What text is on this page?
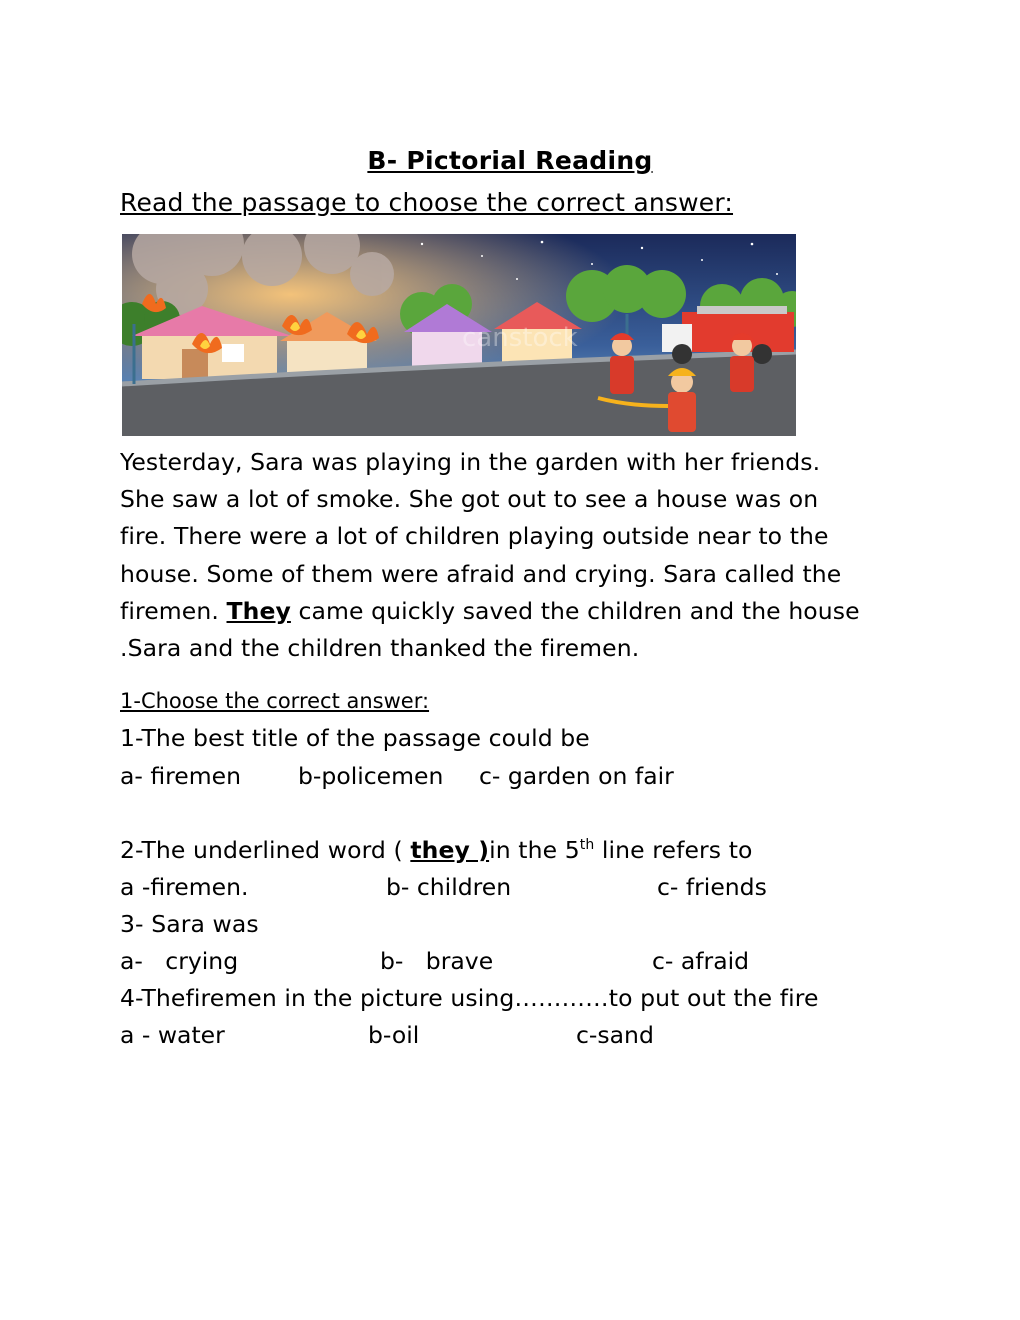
B- Pictorial Reading
Read the passage to choose the correct answer:
canstock
Yesterday, Sara was playing in the garden with her friends.
She saw a lot of smoke. She got out to see a house was on
fire. There were a lot of children playing outside near to the
house. Some of them were afraid and crying. Sara called the
firemen. They came quickly saved the children and the house
.Sara and the children thanked the firemen.
1-Choose the correct answer:
1-The best title of the passage could be
a- firemen b-policemen c- garden on fair
2-The underlined word ( they )in the 5th line refers to
a -firemen.	b- children	c- friends
3- Sara was
a-   crying	b-   brave	c- afraid
4-Thefiremen in the picture using…………to put out the fire
a - water	b-oil	c-sand
